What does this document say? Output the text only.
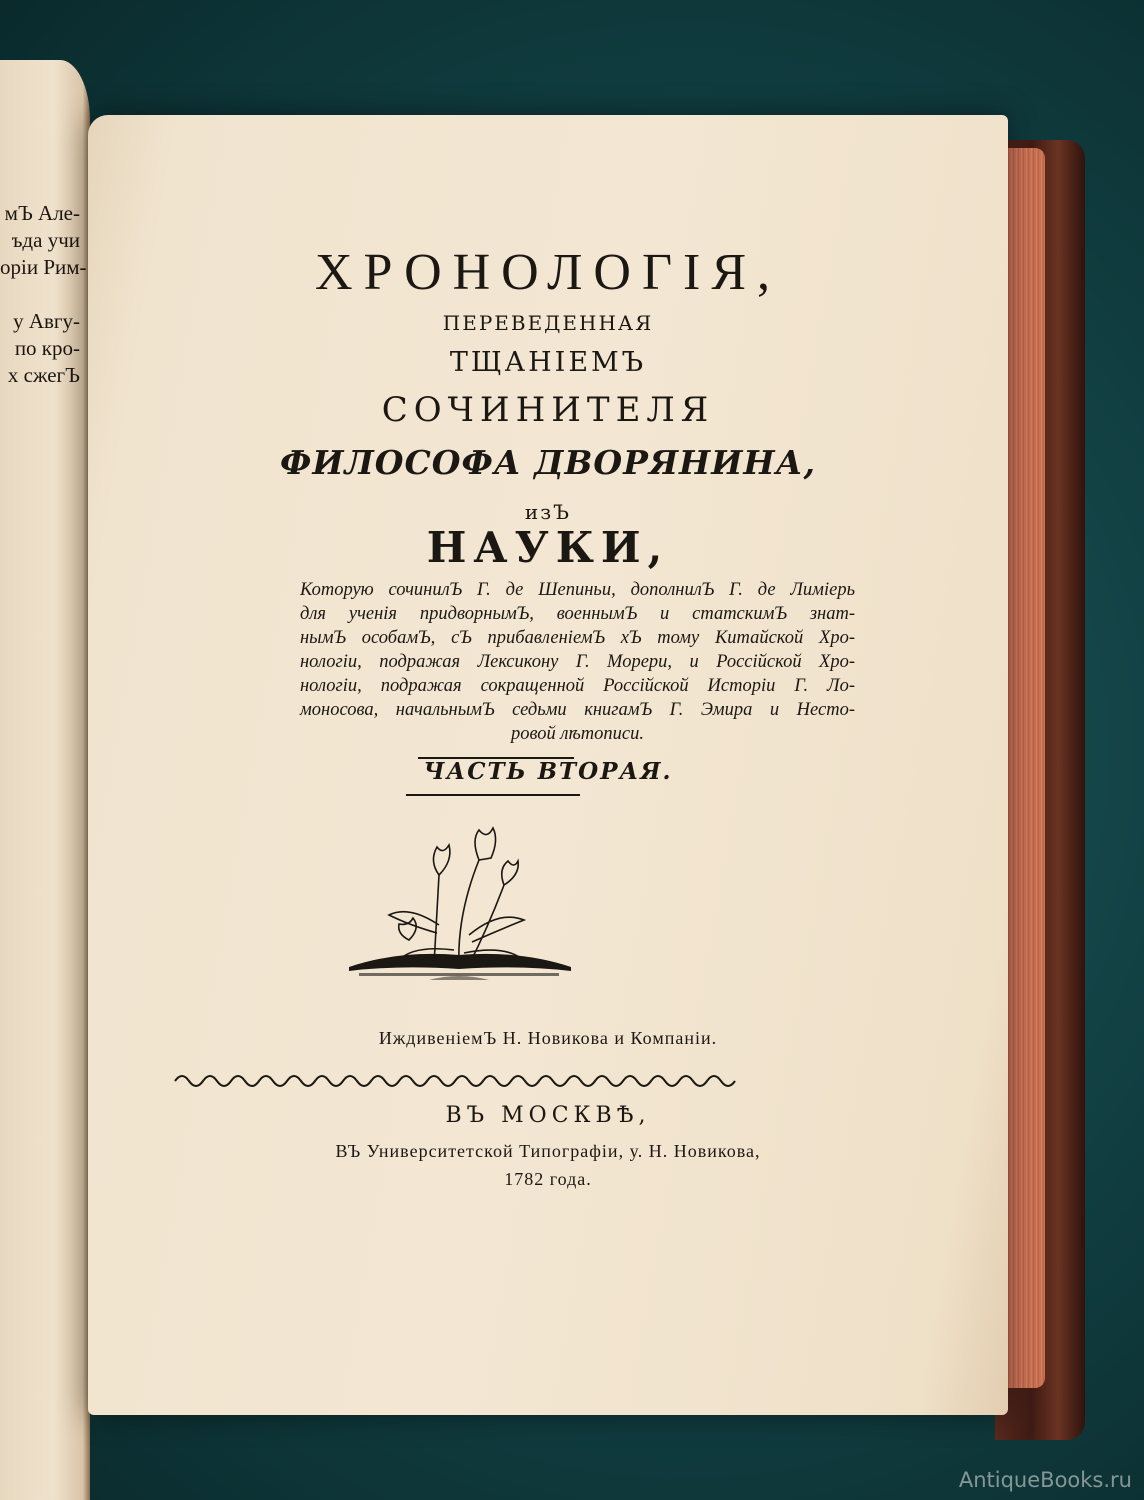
мЪ Але-
ъда учи
оріи Рим-
у Авгу-
по кро-
х сжегЪ
ХРОНОЛОГІЯ,
ПЕРЕВЕДЕННАЯ
ТЩАНІЕМЪ
СОЧИНИТЕЛЯ
ФИЛОСОФА ДВОРЯНИНА,
изЪ
НАУКИ,
Которую сочинилЪ Г. де Шепиньи, дополнилЪ Г. де Лиміерь
для ученія придворнымЪ, военнымЪ и статскимЪ знат-
нымЪ особамЪ, сЪ прибавленіемЪ хЪ тому Китайской Хро-
нологіи, подражая Лексикону Г. Морери, и Россійской Хро-
нологіи, подражая сокращенной Россійской Исторіи Г. Ло-
моносова, начальнымЪ седьми книгамЪ Г. Эмира и Несто-
ровой лѣтописи.
ЧАСТЬ ВТОРАЯ.
ИждивеніемЪ Н. Новикова и Компаніи.
ВЪ МОСКВѢ,
ВЪ Университетской Типографіи, у. Н. Новикова,
1782 года.
AntiqueBooks.ru
